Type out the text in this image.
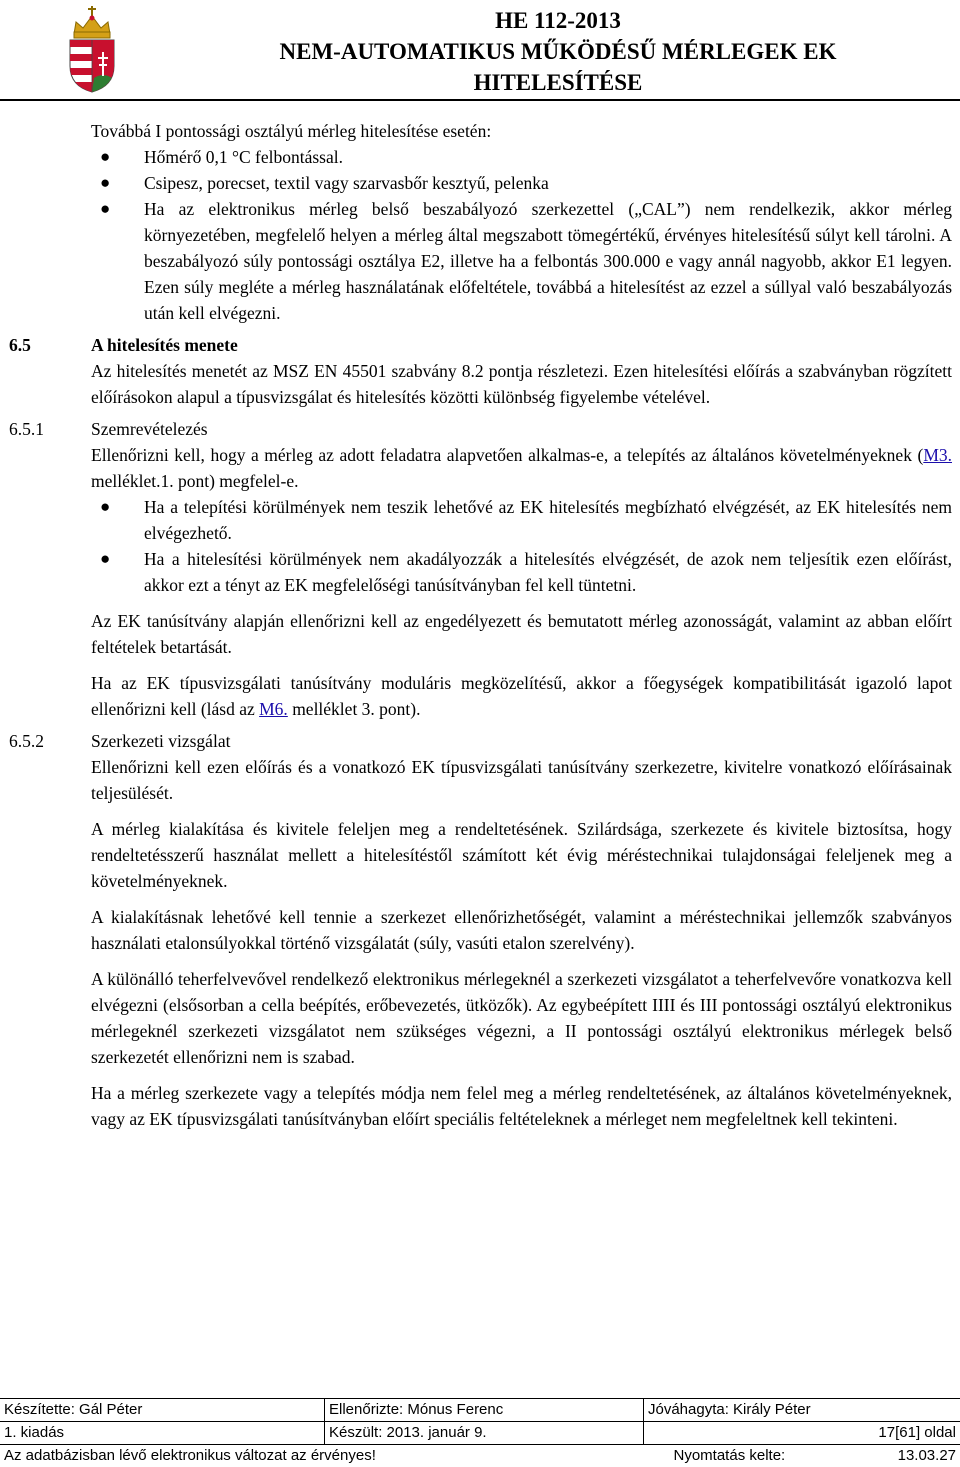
HE 112-2013
NEM-AUTOMATIKUS MŰKÖDÉSŰ MÉRLEGEK EK
HITELESÍTÉSE
Továbbá I pontossági osztályú mérleg hitelesítése esetén:
● Hőmérő 0,1 °C felbontással.
● Csipesz, porecset, textil vagy szarvasbőr kesztyű, pelenka
● Ha az elektronikus mérleg belső beszabályozó szerkezettel („CAL”) nem rendelkezik, akkor mérleg környezetében, megfelelő helyen a mérleg által megszabott tömegértékű, érvényes hitelesítésű súlyt kell tárolni. A beszabályozó súly pontossági osztálya E2, illetve ha a felbontás 300.000 e vagy annál nagyobb, akkor E1 legyen. Ezen súly megléte a mérleg használatának előfeltétele, továbbá a hitelesítést az ezzel a súllyal való beszabályozás után kell elvégezni.
6.5	A hitelesítés menete
Az hitelesítés menetét az MSZ EN 45501 szabvány 8.2 pontja részletezi. Ezen hitelesítési előírás a szabványban rögzített előírásokon alapul a típusvizsgálat és hitelesítés közötti különbség figyelembe vételével.
6.5.1	Szemrevételezés
Ellenőrizni kell, hogy a mérleg az adott feladatra alapvetően alkalmas-e, a telepítés az általános követelményeknek (M3. melléklet.1. pont) megfelel-e.
● Ha a telepítési körülmények nem teszik lehetővé az EK hitelesítés megbízható elvégzését, az EK hitelesítés nem elvégezhető.
● Ha a hitelesítési körülmények nem akadályozzák a hitelesítés elvégzését, de azok nem teljesítik ezen előírást, akkor ezt a tényt az EK megfelelőségi tanúsítványban fel kell tüntetni.
Az EK tanúsítvány alapján ellenőrizni kell az engedélyezett és bemutatott mérleg azonosságát, valamint az abban előírt feltételek betartását.
Ha az EK típusvizsgálati tanúsítvány moduláris megközelítésű, akkor a főegységek kompatibilitását igazoló lapot ellenőrizni kell (lásd az M6. melléklet 3. pont).
6.5.2	Szerkezeti vizsgálat
Ellenőrizni kell ezen előírás és a vonatkozó EK típusvizsgálati tanúsítvány szerkezetre, kivitelre vonatkozó előírásainak teljesülését.
A mérleg kialakítása és kivitele feleljen meg a rendeltetésének. Szilárdsága, szerkezete és kivitele biztosítsa, hogy rendeltetésszerű használat mellett a hitelesítéstől számított két évig méréstechnikai tulajdonságai feleljenek meg a követelményeknek.
A kialakításnak lehetővé kell tennie a szerkezet ellenőrizhetőségét, valamint a méréstechnikai jellemzők szabványos használati etalonsúlyokkal történő vizsgálatát (súly, vasúti etalon szerelvény).
A különálló teherfelvevővel rendelkező elektronikus mérlegeknél a szerkezeti vizsgálatot a teherfelvevőre vonatkozva kell elvégezni (elsősorban a cella beépítés, erőbevezetés, ütközők). Az egybeépített IIII és III pontossági osztályú elektronikus mérlegeknél szerkezeti vizsgálatot nem szükséges végezni, a II pontossági osztályú elektronikus mérlegek belső szerkezetét ellenőrizni nem is szabad.
Ha a mérleg szerkezete vagy a telepítés módja nem felel meg a mérleg rendeltetésének, az általános követelményeknek, vagy az EK típusvizsgálati tanúsítványban előírt speciális feltételeknek a mérleget nem megfeleltnek kell tekinteni.
Készítette: Gál Péter	Ellenőrizte: Mónus Ferenc	Jóváhagyta: Király Péter	
1. kiadás	Készült: 2013. január 9.	17[61] oldal	
Az adatbázisban lévő elektronikus változat az érvényes!		Nyomtatás kelte:	13.03.27
